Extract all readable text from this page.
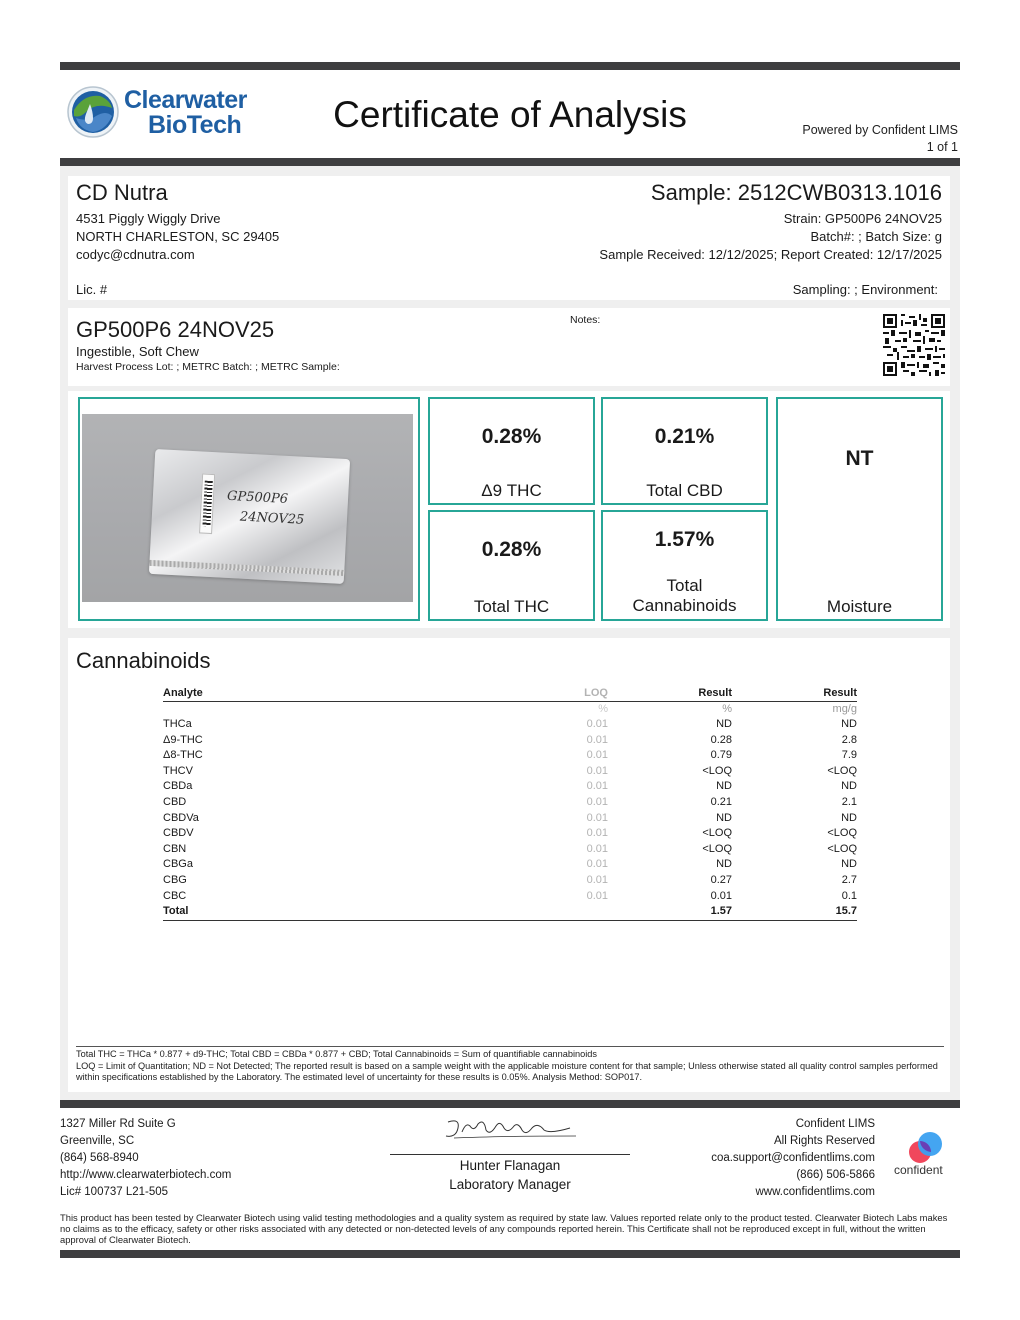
Clearwater
BioTech	Certificate of Analysis	Powered by Confident LIMS
1 of 1
CD Nutra
4531 Piggly Wiggly Drive
NORTH CHARLESTON, SC 29405
codyc@cdnutra.com
Lic. #
Sample: 2512CWB0313.1016
Strain: GP500P6 24NOV25
Batch#: ; Batch Size: g
Sample Received: 12/12/2025; Report Created: 12/17/2025
Sampling: ; Environment:
GP500P6 24NOV25
Ingestible, Soft Chew
Harvest Process Lot: ; METRC Batch: ; METRC Sample:
Notes:
GP500P6
24NOV25
0.28%
Δ9 THC
0.21%
Total CBD
NT
Moisture
0.28%
Total THC
1.57%
Total
Cannabinoids
Cannabinoids
Analyte	LOQ	Result	Result
	%	%	mg/g
THCa	0.01	ND	ND
Δ9-THC	0.01	0.28	2.8
Δ8-THC	0.01	0.79	7.9
THCV	0.01	<LOQ	<LOQ
CBDa	0.01	ND	ND
CBD	0.01	0.21	2.1
CBDVa	0.01	ND	ND
CBDV	0.01	<LOQ	<LOQ
CBN	0.01	<LOQ	<LOQ
CBGa	0.01	ND	ND
CBG	0.01	0.27	2.7
CBC	0.01	0.01	0.1
Total		1.57	15.7
Total THC = THCa * 0.877 + d9-THC; Total CBD = CBDa * 0.877 + CBD; Total Cannabinoids = Sum of quantifiable cannabinoids
LOQ = Limit of Quantitation; ND = Not Detected; The reported result is based on a sample weight with the applicable moisture content for that sample; Unless otherwise stated all quality control samples performed within specifications established by the Laboratory. The estimated level of uncertainty for these results is 0.05%. Analysis Method: SOP017.
1327 Miller Rd Suite G
Greenville, SC
(864) 568-8940
http://www.clearwaterbiotech.com
Lic# 100737 L21-505
Hunter Flanagan
Laboratory Manager
Confident LIMS
All Rights Reserved
coa.support@confidentlims.com
(866) 506-5866
www.confidentlims.com
confident
This product has been tested by Clearwater Biotech using valid testing methodologies and a quality system as required by state law. Values reported relate only to the product tested. Clearwater Biotech Labs makes no claims as to the efficacy, safety or other risks associated with any detected or non-detected levels of any compounds reported herein. This Certificate shall not be reproduced except in full, without the written approval of Clearwater Biotech.
